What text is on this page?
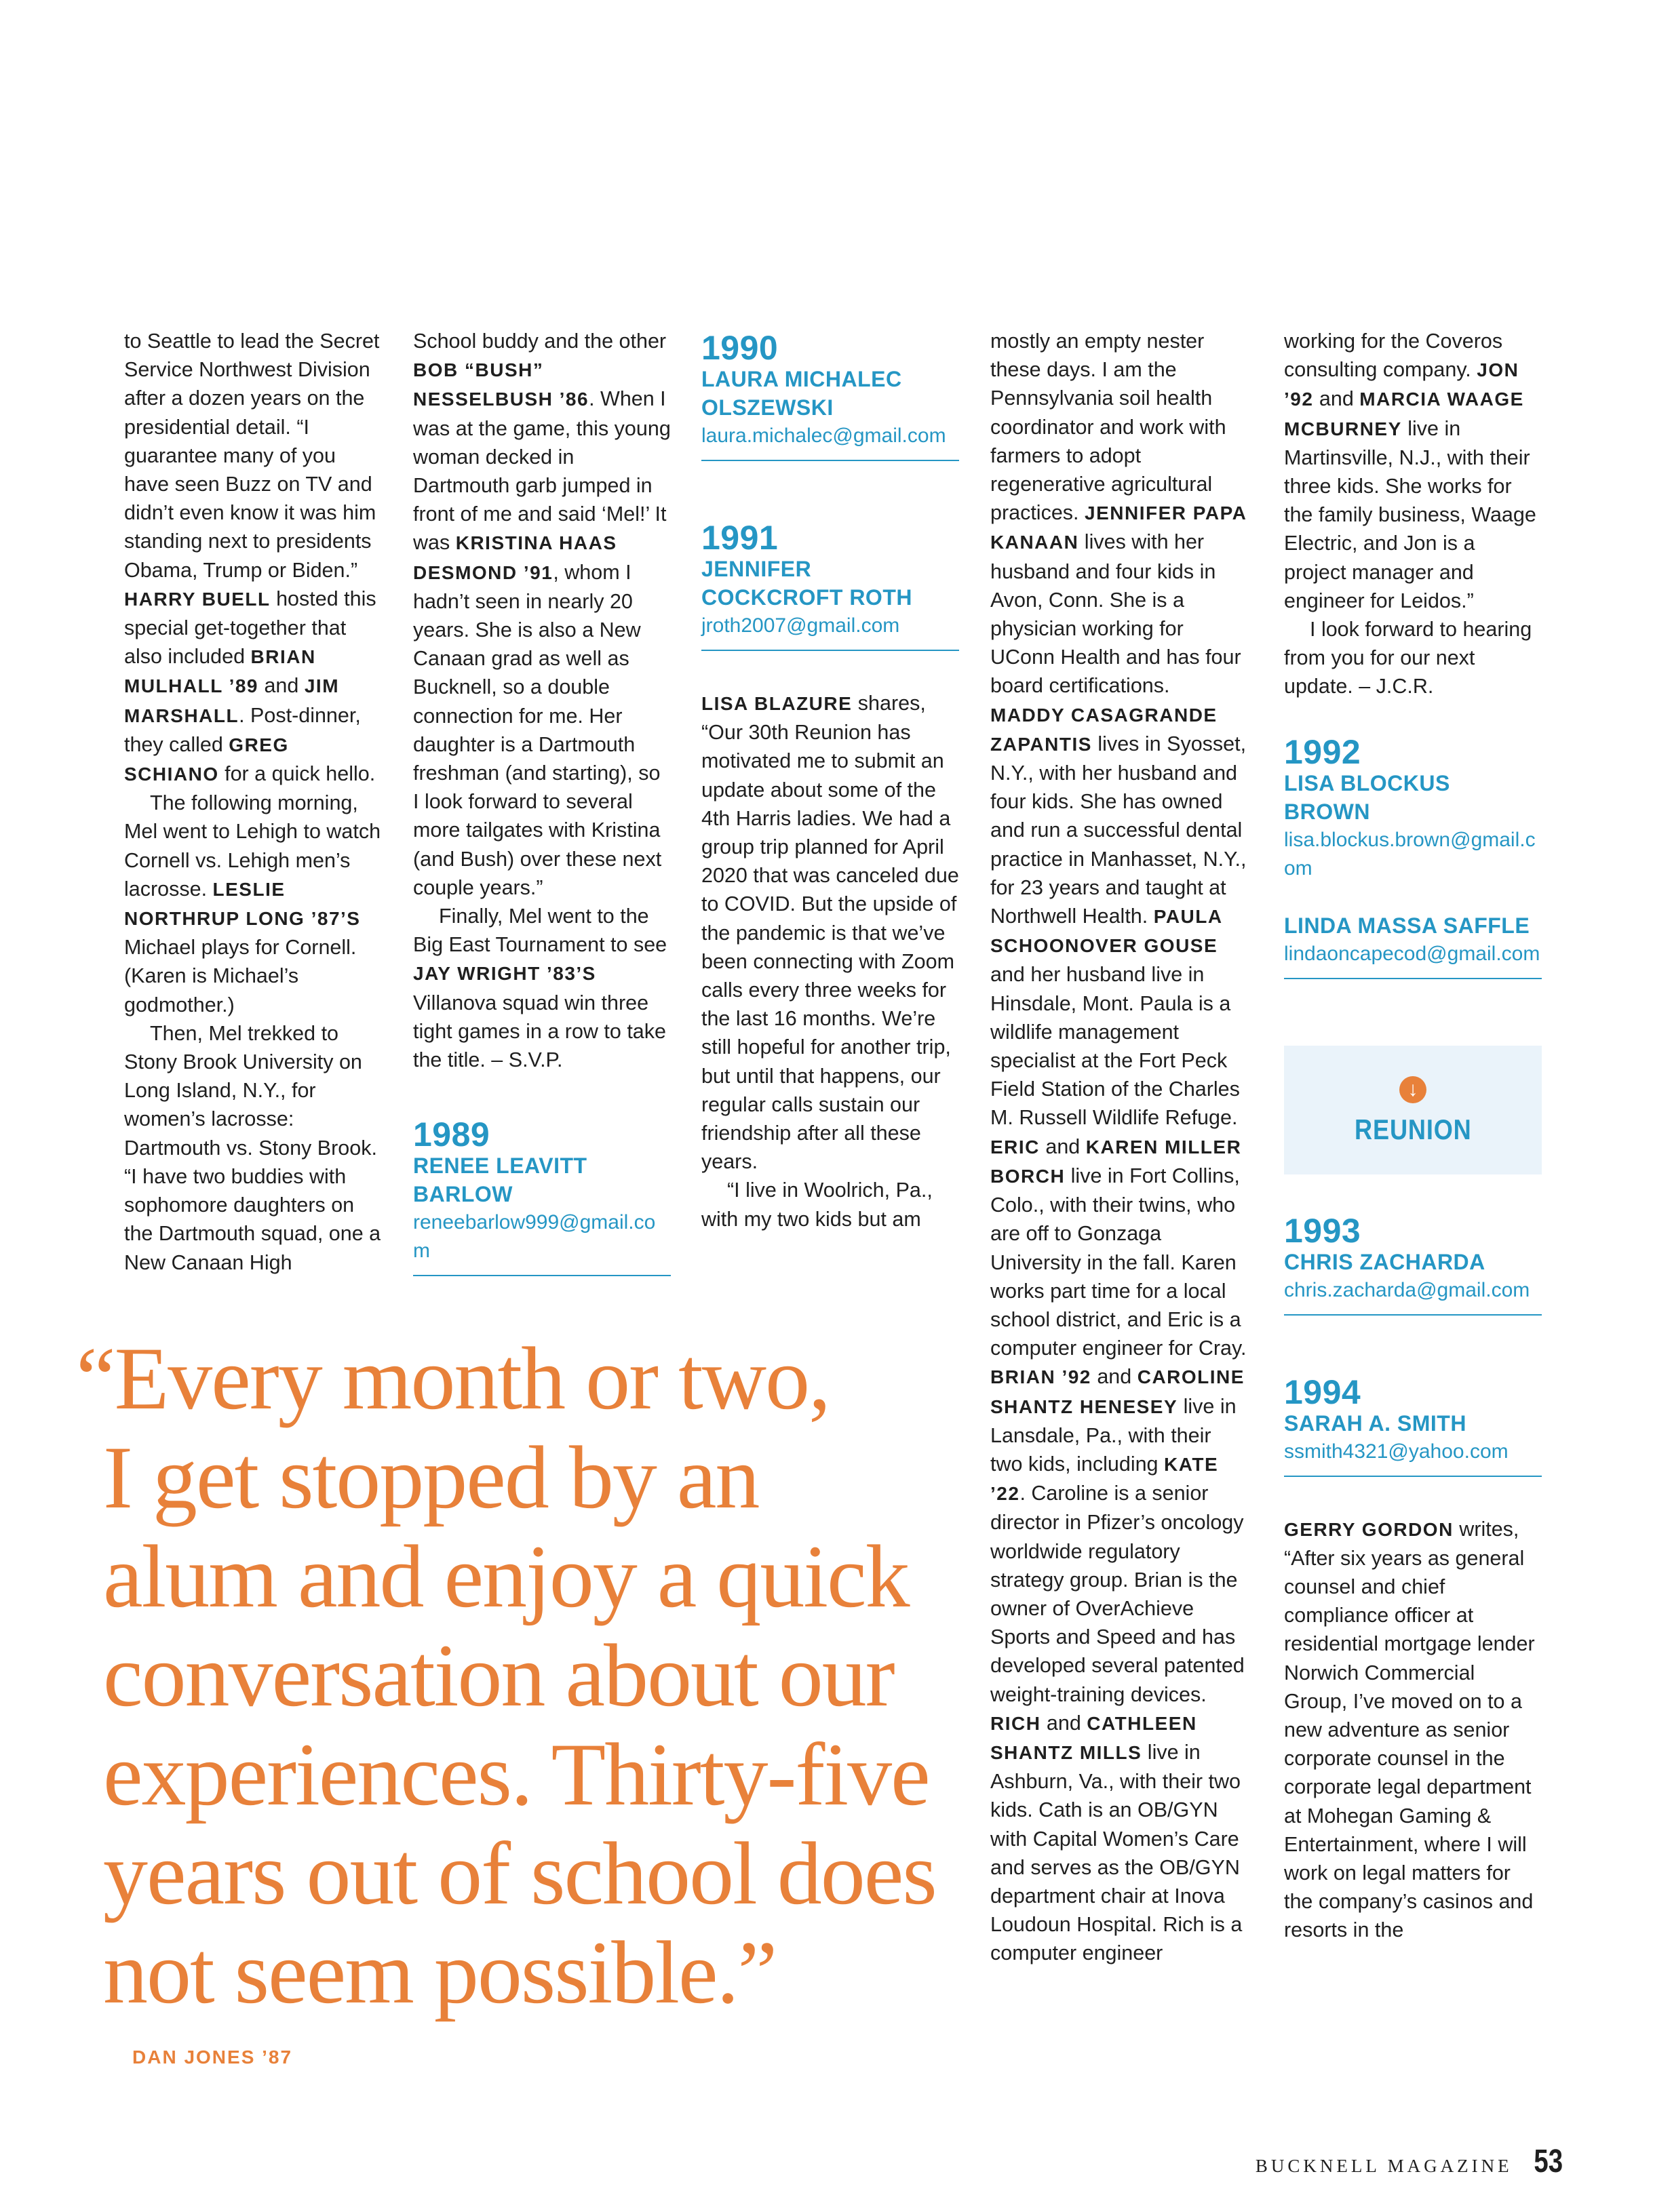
to Seattle to lead the Secret Service Northwest Division after a dozen years on the presidential detail. “I guarantee many of you have seen Buzz on TV and didn’t even know it was him standing next to presidents Obama, Trump or Biden.” HARRY BUELL hosted this special get-together that also included BRIAN MULHALL ’89 and JIM MARSHALL. Post-dinner, they called GREG SCHIANO for a quick hello.

The following morning, Mel went to Lehigh to watch Cornell vs. Lehigh men’s lacrosse. LESLIE NORTHRUP LONG ’87’S Michael plays for Cornell. (Karen is Michael’s godmother.)

Then, Mel trekked to Stony Brook University on Long Island, N.Y., for women’s lacrosse: Dartmouth vs. Stony Brook. “I have two buddies with sophomore daughters on the Dartmouth squad, one a New Canaan High

School buddy and the other BOB “BUSH” NESSELBUSH ’86. When I was at the game, this young woman decked in Dartmouth garb jumped in front of me and said ‘Mel!’ It was KRISTINA HAAS DESMOND ’91, whom I hadn’t seen in nearly 20 years. She is also a New Canaan grad as well as Bucknell, so a double connection for me. Her daughter is a Dartmouth freshman (and starting), so I look forward to several more tailgates with Kristina (and Bush) over these next couple years.”

Finally, Mel went to the Big East Tournament to see JAY WRIGHT ’83’S Villanova squad win three tight games in a row to take the title. – S.V.P.

1989
RENEE LEAVITT BARLOW
reneebarlow999@gmail.com
1990
LAURA MICHALEC OLSZEWSKI
laura.michalec@gmail.com
1991
JENNIFER COCKCROFT ROTH
jroth2007@gmail.com

LISA BLAZURE shares, “Our 30th Reunion has motivated me to submit an update about some of the 4th Harris ladies. We had a group trip planned for April 2020 that was canceled due to COVID. But the upside of the pandemic is that we’ve been connecting with Zoom calls every three weeks for the last 16 months. We’re still hopeful for another trip, but until that happens, our regular calls sustain our friendship after all these years.

“I live in Woolrich, Pa., with my two kids but am

mostly an empty nester these days. I am the Pennsylvania soil health coordinator and work with farmers to adopt regenerative agricultural practices. JENNIFER PAPA KANAAN lives with her husband and four kids in Avon, Conn. She is a physician working for UConn Health and has four board certifications. MADDY CASAGRANDE ZAPANTIS lives in Syosset, N.Y., with her husband and four kids. She has owned and run a successful dental practice in Manhasset, N.Y., for 23 years and taught at Northwell Health. PAULA SCHOONOVER GOUSE and her husband live in Hinsdale, Mont. Paula is a wildlife management specialist at the Fort Peck Field Station of the Charles M. Russell Wildlife Refuge. ERIC and KAREN MILLER BORCH live in Fort Collins, Colo., with their twins, who are off to Gonzaga University in the fall. Karen works part time for a local school district, and Eric is a computer engineer for Cray. BRIAN ’92 and CAROLINE SHANTZ HENESEY live in Lansdale, Pa., with their two kids, including KATE ’22. Caroline is a senior director in Pfizer’s oncology worldwide regulatory strategy group. Brian is the owner of OverAchieve Sports and Speed and has developed several patented weight-training devices. RICH and CATHLEEN SHANTZ MILLS live in Ashburn, Va., with their two kids. Cath is an OB/GYN with Capital Women’s Care and serves as the OB/GYN department chair at Inova Loudoun Hospital. Rich is a computer engineer

working for the Coveros consulting company. JON ’92 and MARCIA WAAGE MCBURNEY live in Martinsville, N.J., with their three kids. She works for the family business, Waage Electric, and Jon is a project manager and engineer for Leidos.”

I look forward to hearing from you for our next update. – J.C.R.

1992
LISA BLOCKUS BROWN
lisa.blockus.brown@gmail.com
LINDA MASSA SAFFLE
lindaoncapecod@gmail.com
↓
REUNION
1993
CHRIS ZACHARDA
chris.zacharda@gmail.com
1994
SARAH A. SMITH
ssmith4321@yahoo.com

GERRY GORDON writes, “After six years as general counsel and chief compliance officer at residential mortgage lender Norwich Commercial Group, I’ve moved on to a new adventure as senior corporate counsel in the corporate legal department at Mohegan Gaming & Entertainment, where I will work on legal matters for the company’s casinos and resorts in the

“Every month or two,
I get stopped by an
alum and enjoy a quick
conversation about our
experiences. Thirty-five
years out of school does
not seem possible.”
DAN JONES ’87
BUCKNELL MAGAZINE 53
